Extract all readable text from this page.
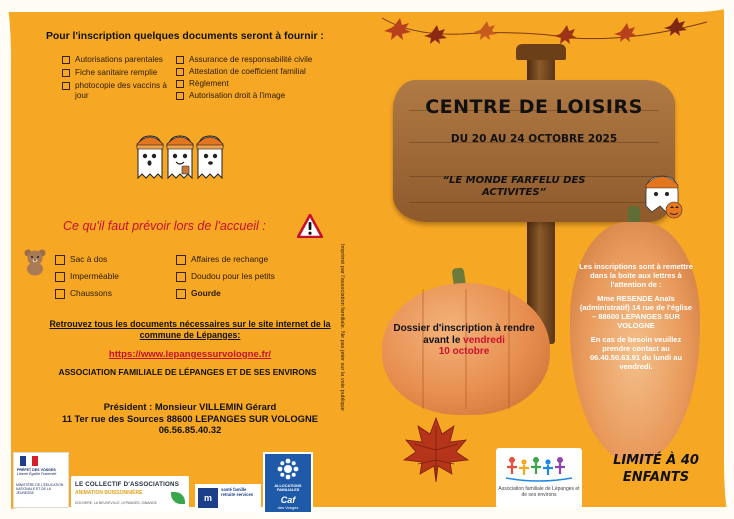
Pour l'inscription quelques documents seront à fournir :
Autorisations parentales
Fiche sanitaire remplie
photocopie des vaccins à jour
Assurance de responsabilité civile
Attestation de coefficient familial
Règlement
Autorisation droit à l'image
Ce qu'il faut prévoir lors de l'accueil :
Sac à dos
Imperméable
Chaussons
Affaires de rechange
Doudou pour les petits
Gourde
Retrouvez tous les documents nécessaires sur le site internet de la commune de Lépanges:
https://www.lepangessurvologne.fr/
ASSOCIATION FAMILIALE DE LÉPANGES ET DE SES ENVIRONS
Président : Monsieur VILLEMIN Gérard
11 Ter rue des Sources 88600 LEPANGES SUR VOLOGNE
06.56.85.40.32
Imprimé par l'association familiale. Ne pas jeter sur la voie publique
PRÉFET DES VOSGES
Liberté Égalité Fraternité
MINISTÈRE DE L'ÉDUCATION NATIONALE ET DE LA JEUNESSE
LE COLLECTIF D'ASSOCIATIONS
ANIMATION BUISSONNIÈRE
DOCHERE, LA NEUVEVILLE, LEPANGES, DINANGE	m
santé famille retraite services
ALLOCATIONS FAMILIALES
Caf
des Vosges
CENTRE DE LOISIRS
DU 20 AU 24 OCTOBRE 2025
“LE MONDE FARFELU DES ACTIVITES”
Dossier d'inscription à rendre avant le vendredi
10 octobre
Les inscriptions sont à remettre dans la boite aux lettres à l'attention de :
Mme RESENDE Anaïs (administratif) 14 rue de l'église – 88600 LEPANGES SUR VOLOGNE
En cas de besoin veuillez prendre contact au 06.40.50.63.91 du lundi au vendredi.
Association familiale de Lépanges et de ses environs
LIMITÉ À 40 ENFANTS
